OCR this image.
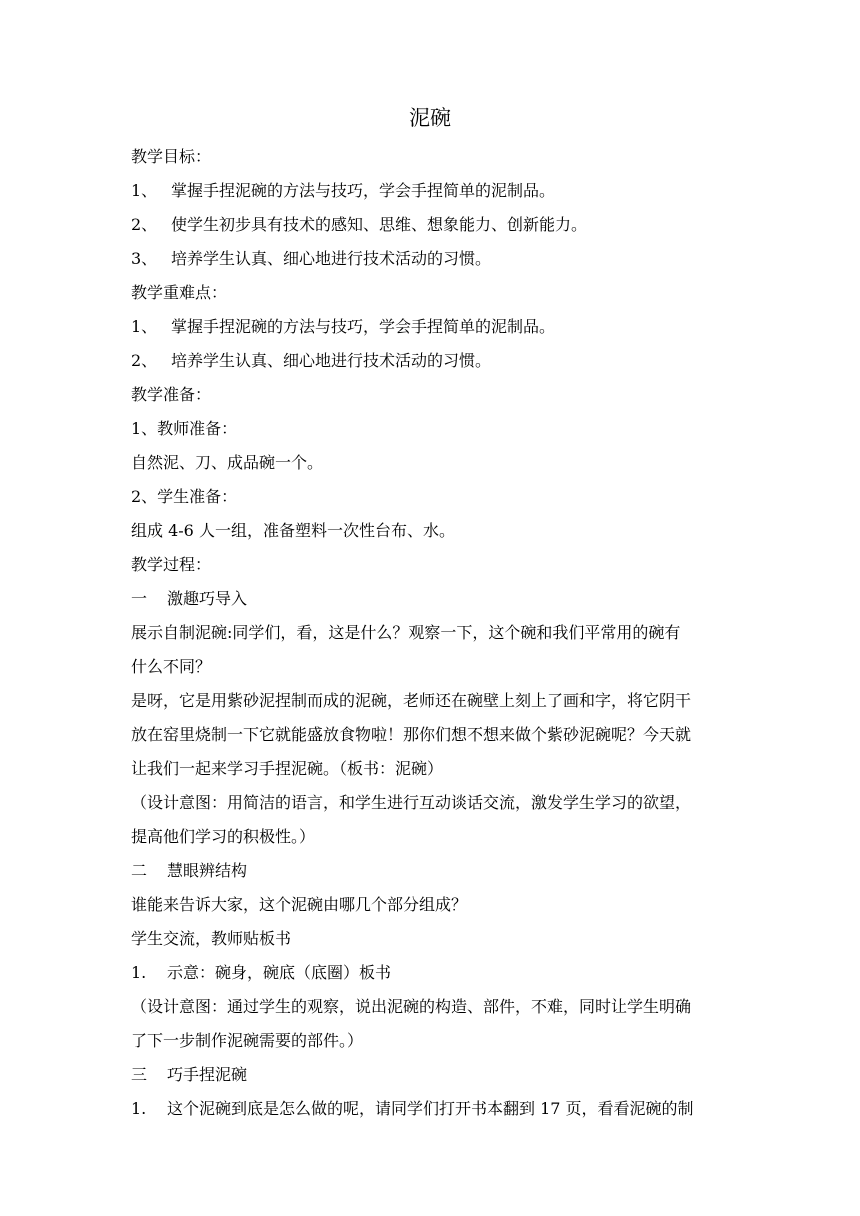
泥碗
教学目标：
1、 掌握手捏泥碗的方法与技巧，学会手捏简单的泥制品。
2、 使学生初步具有技术的感知、思维、想象能力、创新能力。
3、 培养学生认真、细心地进行技术活动的习惯。
教学重难点：
1、 掌握手捏泥碗的方法与技巧，学会手捏简单的泥制品。
2、 培养学生认真、细心地进行技术活动的习惯。
教学准备：
1、教师准备：
自然泥、刀、成品碗一个。
2、学生准备：
组成 4-6 人一组，准备塑料一次性台布、水。
教学过程：
一 激趣巧导入
展示自制泥碗:同学们，看，这是什么？观察一下，这个碗和我们平常用的碗有
什么不同？
是呀，它是用紫砂泥捏制而成的泥碗，老师还在碗壁上刻上了画和字，将它阴干
放在窑里烧制一下它就能盛放食物啦！那你们想不想来做个紫砂泥碗呢？今天就
让我们一起来学习手捏泥碗。（板书：泥碗）
（设计意图：用简洁的语言，和学生进行互动谈话交流，激发学生学习的欲望，
提高他们学习的积极性。）
二 慧眼辨结构
谁能来告诉大家，这个泥碗由哪几个部分组成？
学生交流，教师贴板书
1. 示意：碗身，碗底（底圈）板书
（设计意图：通过学生的观察，说出泥碗的构造、部件，不难，同时让学生明确
了下一步制作泥碗需要的部件。）
三 巧手捏泥碗
1. 这个泥碗到底是怎么做的呢，请同学们打开书本翻到 17 页，看看泥碗的制
